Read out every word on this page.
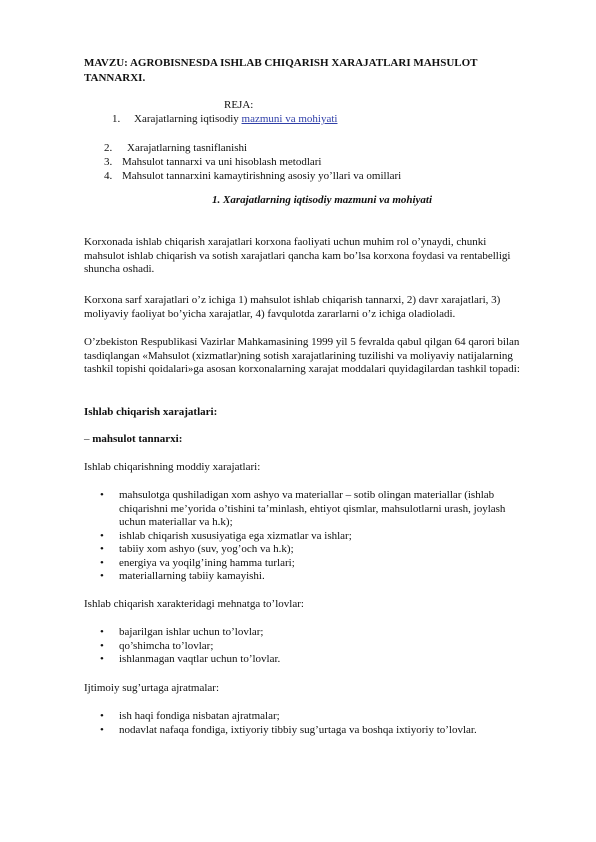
MAVZU: AGROBISNESDA ISHLAB CHIQARISH XARAJATLARI MAHSULOT TANNARXI.
REJA:
1. Xarajatlarning iqtisodiy mazmuni va mohiyati
2. Xarajatlarning tasniflanishi
3. Mahsulot tannarxi va uni hisoblash metodlari
4. Mahsulot tannarxini kamaytirishning asosiy yo’llari va omillari
1. Xarajatlarning iqtisodiy mazmuni va mohiyati
Korxonada ishlab chiqarish xarajatlari korxona faoliyati uchun muhim rol o’ynaydi, chunki mahsulot ishlab chiqarish va sotish xarajatlari qancha kam bo’lsa korxona foydasi va rentabelligi shuncha oshadi.
Korxona sarf xarajatlari o’z ichiga 1) mahsulot ishlab chiqarish tannarxi, 2) davr xarajatlari, 3) moliyaviy faoliyat bo’yicha xarajatlar, 4) favqulotda zararlarni o’z ichiga oladioladi.
O’zbekiston Respublikasi Vazirlar Mahkamasining 1999 yil 5 fevralda qabul qilgan 64 qarori bilan tasdiqlangan «Mahsulot (xizmatlar)ning sotish xarajatlarining tuzilishi va moliyaviy natijalarning tashkil topishi qoidalari»ga asosan korxonalarning xarajat moddalari quyidagilardan tashkil topadi:
Ishlab chiqarish xarajatlari:
– mahsulot tannarxi:
Ishlab chiqarishning moddiy xarajatlari:
• mahsulotga qushiladigan xom ashyo va materiallar – sotib olingan materiallar (ishlab chiqarishni me’yorida o’tishini ta’minlash, ehtiyot qismlar, mahsulotlarni urash, joylash uchun materiallar va h.k);
• ishlab chiqarish xususiyatiga ega xizmatlar va ishlar;
• tabiiy xom ashyo (suv, yog’och va h.k);
• energiya va yoqilg’ining hamma turlari;
• materiallarning tabiiy kamayishi.
Ishlab chiqarish xarakteridagi mehnatga to’lovlar:
• bajarilgan ishlar uchun to’lovlar;
• qo’shimcha to’lovlar;
• ishlanmagan vaqtlar uchun to’lovlar.
Ijtimoiy sug’urtaga ajratmalar:
• ish haqi fondiga nisbatan ajratmalar;
• nodavlat nafaqa fondiga, ixtiyoriy tibbiy sug’urtaga va boshqa ixtiyoriy to’lovlar.
